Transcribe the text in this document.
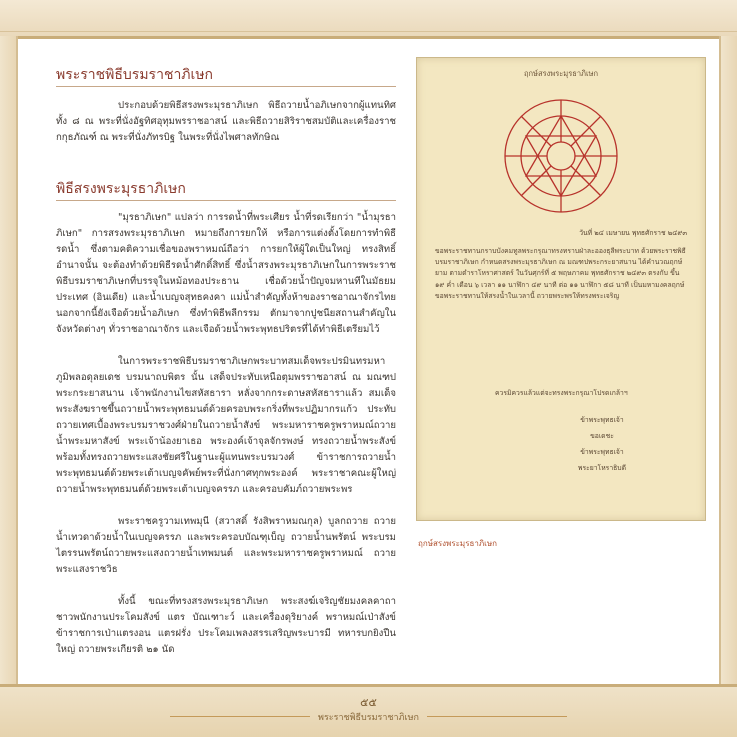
พระราชพิธีบรมราชาภิเษก

ประกอบด้วยพิธีสรงพระมุรธาภิเษก พิธีถวายน้ำอภิเษกจากผู้แทนทิศทั้ง ๘ ณ พระที่นั่งอัฐทิศอุทุมพรราชอาสน์ และพิธีถวายสิริราชสมบัติและเครื่องราชกกุธภัณฑ์ ณ พระที่นั่งภัทรบิฐ ในพระที่นั่งไพศาลทักษิณ

พิธีสรงพระมุรธาภิเษก

"มุรธาภิเษก" แปลว่า การรดน้ำที่พระเศียร น้ำที่รดเรียกว่า "น้ำมุรธาภิเษก" การสรงพระมุรธาภิเษก หมายถึงการยกให้ หรือการแต่งตั้งโดยการทำพิธีรดน้ำ ซึ่งตามคติความเชื่อของพราหมณ์ถือว่า การยกให้ผู้ใดเป็นใหญ่ ทรงสิทธิ์อำนาจนั้น จะต้องทำด้วยพิธีรดน้ำศักดิ์สิทธิ์ ซึ่งน้ำสรงพระมุรธาภิเษกในการพระราชพิธีบรมราชาภิเษกที่บรรจุในหม้อทองประธาน เชื่อด้วยน้ำปัญจมหานทีในมัธยมประเทศ (อินเดีย) และน้ำเบญจสุทธคงคา แม่น้ำสำคัญทั้งห้าของราชอาณาจักรไทย นอกจากนี้ยังเจือด้วยน้ำอภิเษก ซึ่งทำพิธีพลีกรรม ตักมาจากปูชนียสถานสำคัญในจังหวัดต่างๆ ทั่วราชอาณาจักร และเจือด้วยน้ำพระพุทธปริตรที่ได้ทำพิธีเตรียมไว้

ในการพระราชพิธีบรมราชาภิเษกพระบาทสมเด็จพระปรมินทรมหาภูมิพลอดุลยเดช บรมนาถบพิตร นั้น เสด็จประทับเหนือตุมพรราชอาสน์ ณ มณฑปพระกระยาสนาน เจ้าพนักงานไขสหัสธารา หลั่งจากกระดาษสหัสธาราแล้ว สมเด็จพระสังฆราชขึ้นถวายน้ำพระพุทธมนต์ด้วยครอบพระกริ่งที่พระปฏิมากรแก้ว ประทับถวายเทศเบื้องพระบรมราชวงศ์ฝ่ายในถวายน้ำสังข์ พระมหาราชครูพราหมณ์ถวายน้ำพระมหาสังข์ พระเจ้าน้องยาเธอ พระองค์เจ้าจุลจักรพงษ์ ทรงถวายน้ำพระสังข์ พร้อมทั้งทรงถวายพระแสงชัยศรีในฐานะผู้แทนพระบรมวงศ์ ข้าราชการถวายน้ำพระพุทธมนต์ด้วยพระเต้าเบญจคัพย์พระที่นั่งกาศทุกพระองค์ พระราชาคณะผู้ใหญ่ ถวายน้ำพระพุทธมนต์ด้วยพระเต้าเบญจครรภ และครอบคัมภ์ถวายพระพร

พระราชครูวามเทพมุนี (สวาสดิ์ รังสิพราหมณกุล) บูลกถวาย ถวายน้ำเทวดาด้วยน้ำในเบญจครรภ และพระครอบบัณฑุเบ็ญ ถวายน้ำนพรัตน์ พระบรมไตรรนพรัตน์ถวายพระแสงถวายน้ำเทพมนต์ และพระมหาราชครูพราหมณ์ ถวายพระแสงราชวิธ

ทั้งนี้ ขณะที่ทรงสรงพระมุรธาภิเษก พระสงฆ์เจริญชัยมงคลคาถา ชาวพนักงานประโคมสังข์ แตร บัณเฑาะว์ และเครื่องดุริยางค์ พราหมณ์เป่าสังข์ ข้าราชการเป่าแตรงอน แตรฝรั่ง ประโคมเพลงสรรเสริญพระบารมี ทหารบกยิงปืนใหญ่ ถวายพระเกียรติ ๒๑ นัด

ฤกษ์สรงพระมุรธาภิเษก
วันที่ ๒๔ เมษายน พุทธศักราช ๒๔๙๓

ขอพระราชทานกราบบังคมทูลพระกรุณาทรงทราบฝ่าละอองธุลีพระบาท ด้วยพระราชพิธีบรมราชาภิเษก กำหนดสรงพระมุรธาภิเษก ณ มณฑปพระกระยาสนาน ได้คำนวณฤกษ์ยาม ตามตำราโหราศาสตร์ ในวันศุกร์ที่ ๕ พฤษภาคม พุทธศักราช ๒๔๙๓ ตรงกับ ขึ้น ๑๙ ค่ำ เดือน ๖ เวลา ๑๑ นาฬิกา ๔๙ นาที ต่อ ๑๑ นาฬิกา ๕๘ นาที เป็นมหามงคลฤกษ์ ขอพระราชทานให้สรงน้ำในเวลานี้ ถวายพระพรให้ทรงพระเจริญ

ควรมิควรแล้วแต่จะทรงพระกรุณาโปรดเกล้าฯ

ข้าพระพุทธเจ้า
ขอเดชะ
ข้าพระพุทธเจ้า
พระยาโหราธิบดี
ฤกษ์สรงพระมุรธาภิเษก
๕๕
พระราชพิธีบรมราชาภิเษก
